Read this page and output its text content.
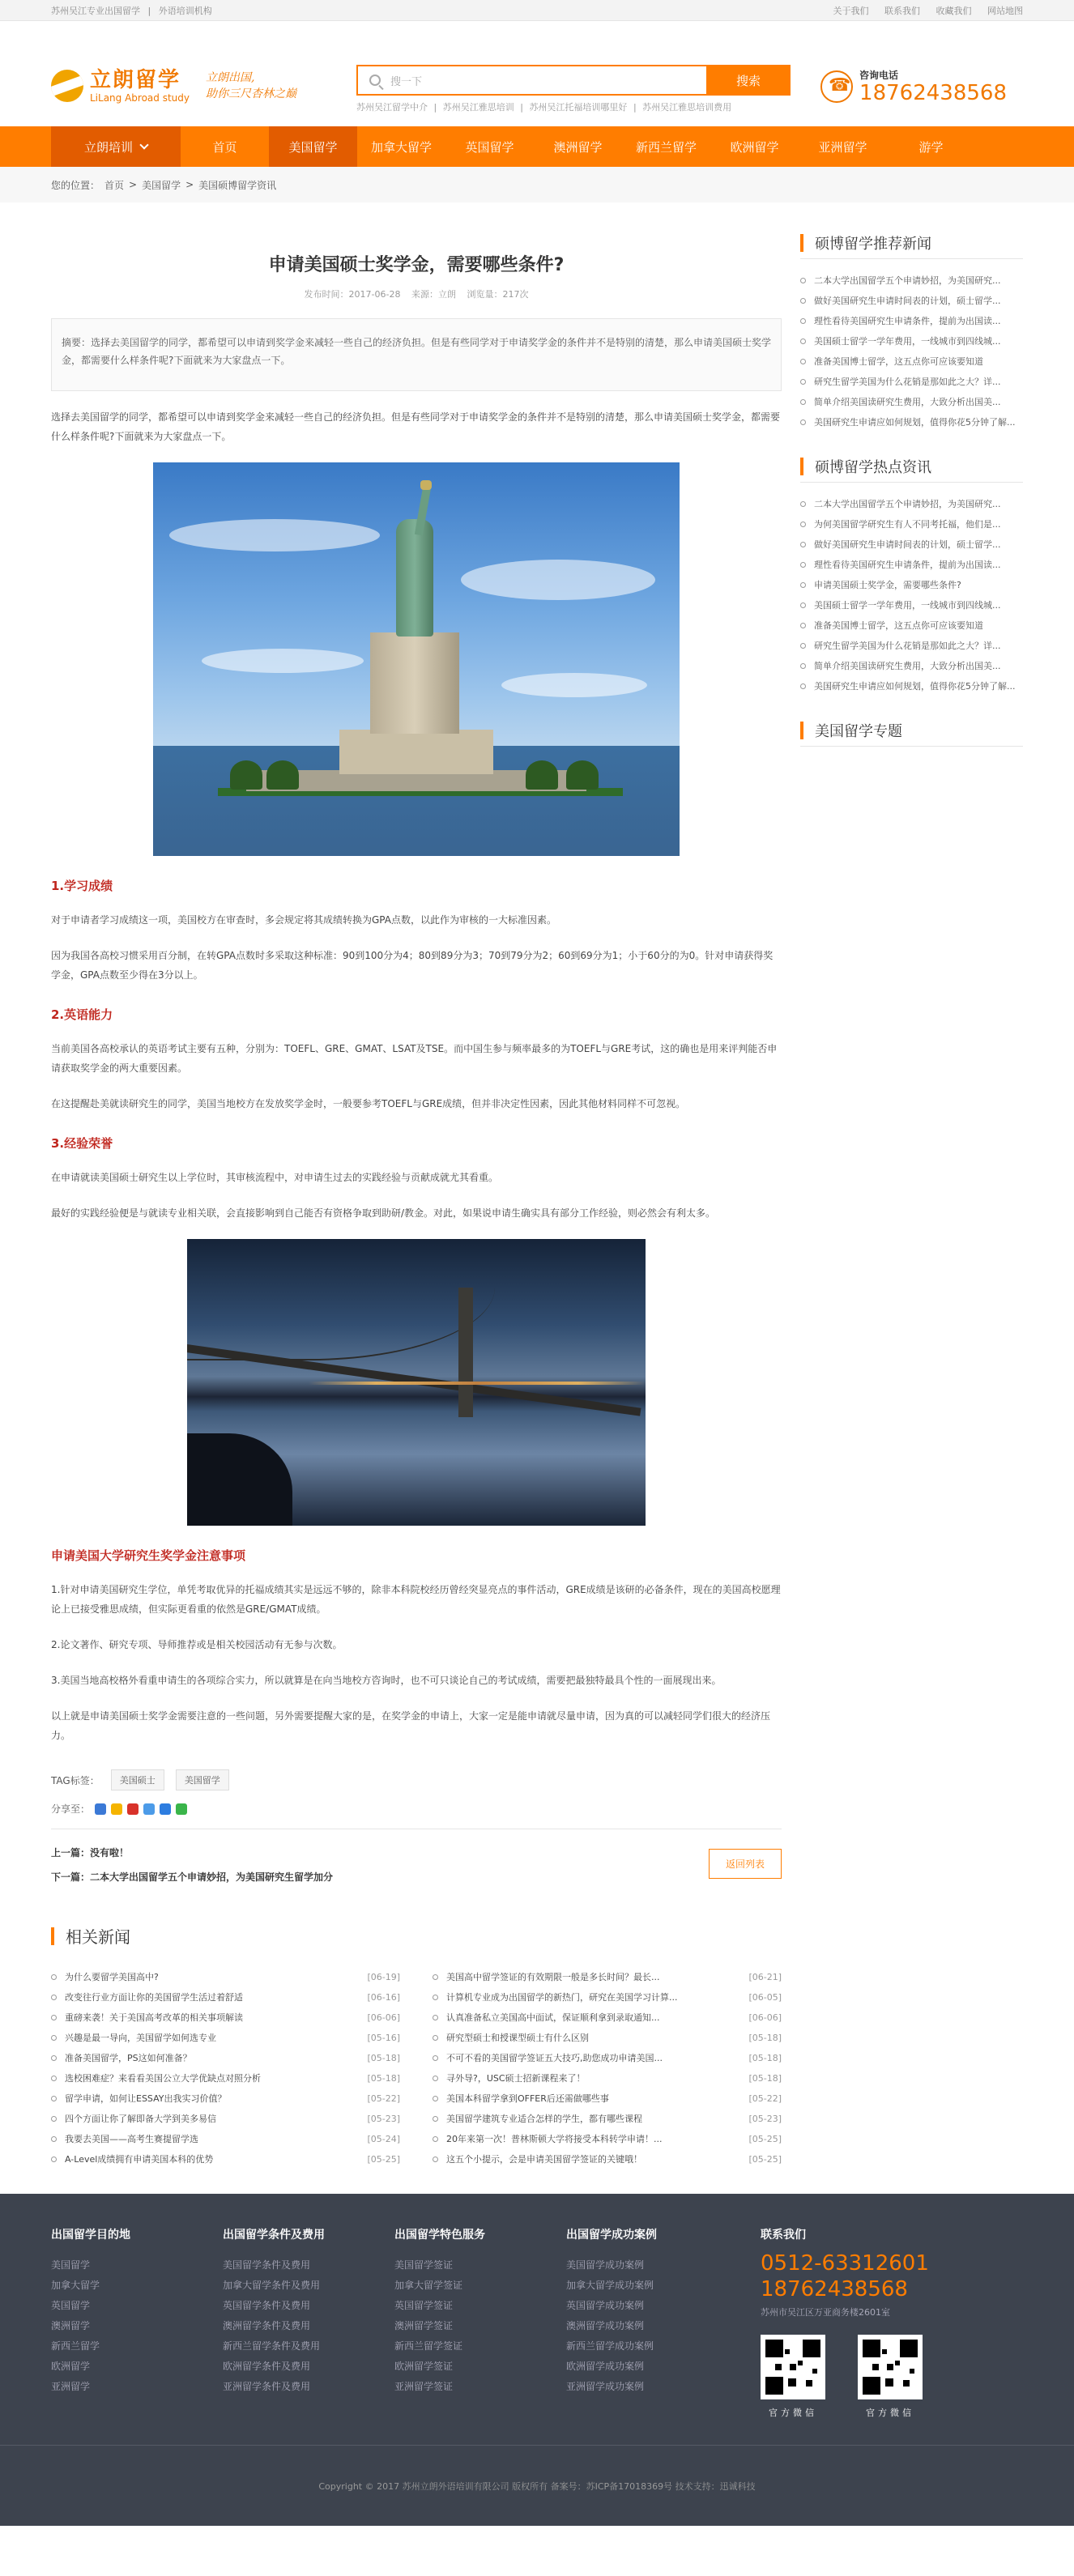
苏州吴江专业出国留学 | 外语培训机构	关于我们 联系我们 收藏我们 网站地图
立朗留学
LiLang Abroad study
立朗出国,
助你三尺杏林之巅
搜一下	搜索
苏州吴江留学中介 | 苏州吴江雅思培训 | 苏州吴江托福培训哪里好 | 苏州吴江雅思培训费用
☎
咨询电话
18762438568
立朗培训	首页	美国留学	加拿大留学	英国留学	澳洲留学	新西兰留学	欧洲留学	亚洲留学	游学
您的位置： 首页 > 美国留学 > 美国硕博留学资讯
申请美国硕士奖学金，需要哪些条件?
发布时间：2017-06-28 来源：立朗 浏览量：217次
摘要：选择去美国留学的同学，都希望可以申请到奖学金来减轻一些自己的经济负担。但是有些同学对于申请奖学金的条件并不是特别的清楚，那么申请美国硕士奖学金，都需要什么样条件呢?下面就来为大家盘点一下。

选择去美国留学的同学，都希望可以申请到奖学金来减轻一些自己的经济负担。但是有些同学对于申请奖学金的条件并不是特别的清楚，那么申请美国硕士奖学金，都需要什么样条件呢?下面就来为大家盘点一下。

1.学习成绩

对于申请者学习成绩这一项，美国校方在审查时，多会规定将其成绩转换为GPA点数，以此作为审核的一大标准因素。

因为我国各高校习惯采用百分制，在转GPA点数时多采取这种标准：90到100分为4；80到89分为3；70到79分为2；60到69分为1；小于60分的为0。针对申请获得奖学金，GPA点数至少得在3分以上。

2.英语能力

当前美国各高校承认的英语考试主要有五种，分别为：TOEFL、GRE、GMAT、LSAT及TSE。而中国生参与频率最多的为TOEFL与GRE考试，这的确也是用来评判能否申请获取奖学金的两大重要因素。

在这提醒赴美就读研究生的同学，美国当地校方在发放奖学金时，一般要参考TOEFL与GRE成绩，但并非决定性因素，因此其他材料同样不可忽视。

3.经验荣誉

在申请就读美国硕士研究生以上学位时，其审核流程中，对申请生过去的实践经验与贡献成就尤其看重。

最好的实践经验便是与就读专业相关联，会直接影响到自己能否有资格争取到助研/教金。对此，如果说申请生确实具有部分工作经验，则必然会有利太多。

申请美国大学研究生奖学金注意事项

1.针对申请美国研究生学位，单凭考取优异的托福成绩其实是远远不够的，除非本科院校经历曾经突显亮点的事件活动，GRE成绩是该研的必备条件，现在的美国高校愿理论上已接受雅思成绩，但实际更看重的依然是GRE/GMAT成绩。

2.论文著作、研究专项、导师推荐或是相关校园活动有无参与次数。

3.美国当地高校格外看重申请生的各项综合实力，所以就算是在向当地校方咨询时，也不可只谈论自己的考试成绩，需要把最独特最具个性的一面展现出来。

以上就是申请美国硕士奖学金需要注意的一些问题，另外需要提醒大家的是，在奖学金的申请上，大家一定是能申请就尽量申请，因为真的可以减轻同学们很大的经济压力。

TAG标签：	美国硕士	美国留学
分享至：
上一篇：没有啦！
下一篇：二本大学出国留学五个申请妙招，为美国研究生留学加分
返回列表
相关新闻
为什么要留学美国高中?	[06-19]
改变往行业方面让你的美国留学生活过着舒适	[06-16]
重磅来袭！关于美国高考改革的相关事项解读	[06-06]
兴趣是最一导向，美国留学如何选专业	[05-16]
准备美国留学，PS这如何准备？	[05-18]
选校困难症？来看看美国公立大学优缺点对照分析	[05-18]
留学申请，如何让ESSAY出我实习价值？	[05-22]
四个方面让你了解即备大学到美多易信	[05-23]
我要去美国——高考生赛提留学选	[05-24]
A-Level成绩拥有申请美国本科的优势	[05-25]
美国高中留学签证的有效期限一般是多长时间？最长...	[06-21]
计算机专业成为出国留学的新热门，研究在美国学习计算...	[06-05]
认真准备私立美国高中面试，保证顺利拿到录取通知...	[06-06]
研究型硕士和授课型硕士有什么区别	[05-18]
不可不看的美国留学签证五大技巧,助您成功申请美国...	[05-18]
寻外导?，USC硕士招新课程来了！	[05-18]
美国本科留学拿到OFFER后还需做哪些事	[05-22]
美国留学建筑专业适合怎样的学生，都有哪些课程	[05-23]
20年来第一次！普林斯顿大学将接受本科转学申请！...	[05-25]
这五个小提示，会是申请美国留学签证的关键哦！	[05-25]
硕博留学推荐新闻
二本大学出国留学五个申请妙招，为美国研究...
做好美国研究生申请时间表的计划，硕士留学...
理性看待美国研究生申请条件，提前为出国读...
美国硕士留学一学年费用，一线城市到四线城...
准备美国博士留学，这五点你可应该要知道
研究生留学美国为什么花销是那如此之大？详...
简单介绍美国读研究生费用，大致分析出国美...
美国研究生申请应如何规划，值得你花5分钟了解...
硕博留学热点资讯
二本大学出国留学五个申请妙招，为美国研究...
为何美国留学研究生有人不同考托福，他们是...
做好美国研究生申请时间表的计划，硕士留学...
理性看待美国研究生申请条件，提前为出国读...
申请美国硕士奖学金，需要哪些条件?
美国硕士留学一学年费用，一线城市到四线城...
准备美国博士留学，这五点你可应该要知道
研究生留学美国为什么花销是那如此之大？详...
简单介绍美国读研究生费用，大致分析出国美...
美国研究生申请应如何规划，值得你花5分钟了解...
美国留学专题
出国留学目的地
美国留学
加拿大留学
英国留学
澳洲留学
新西兰留学
欧洲留学
亚洲留学
出国留学条件及费用
美国留学条件及费用
加拿大留学条件及费用
英国留学条件及费用
澳洲留学条件及费用
新西兰留学条件及费用
欧洲留学条件及费用
亚洲留学条件及费用
出国留学特色服务
美国留学签证
加拿大留学签证
英国留学签证
澳洲留学签证
新西兰留学签证
欧洲留学签证
亚洲留学签证
出国留学成功案例
美国留学成功案例
加拿大留学成功案例
英国留学成功案例
澳洲留学成功案例
新西兰留学成功案例
欧洲留学成功案例
亚洲留学成功案例
联系我们
0512-63312601
18762438568
苏州市吴江区万亚商务楼2601室
官方微信	官方微信
Copyright © 2017 苏州立朗外语培训有限公司 版权所有 备案号：苏ICP备17018369号 技术支持：迅诚科技
